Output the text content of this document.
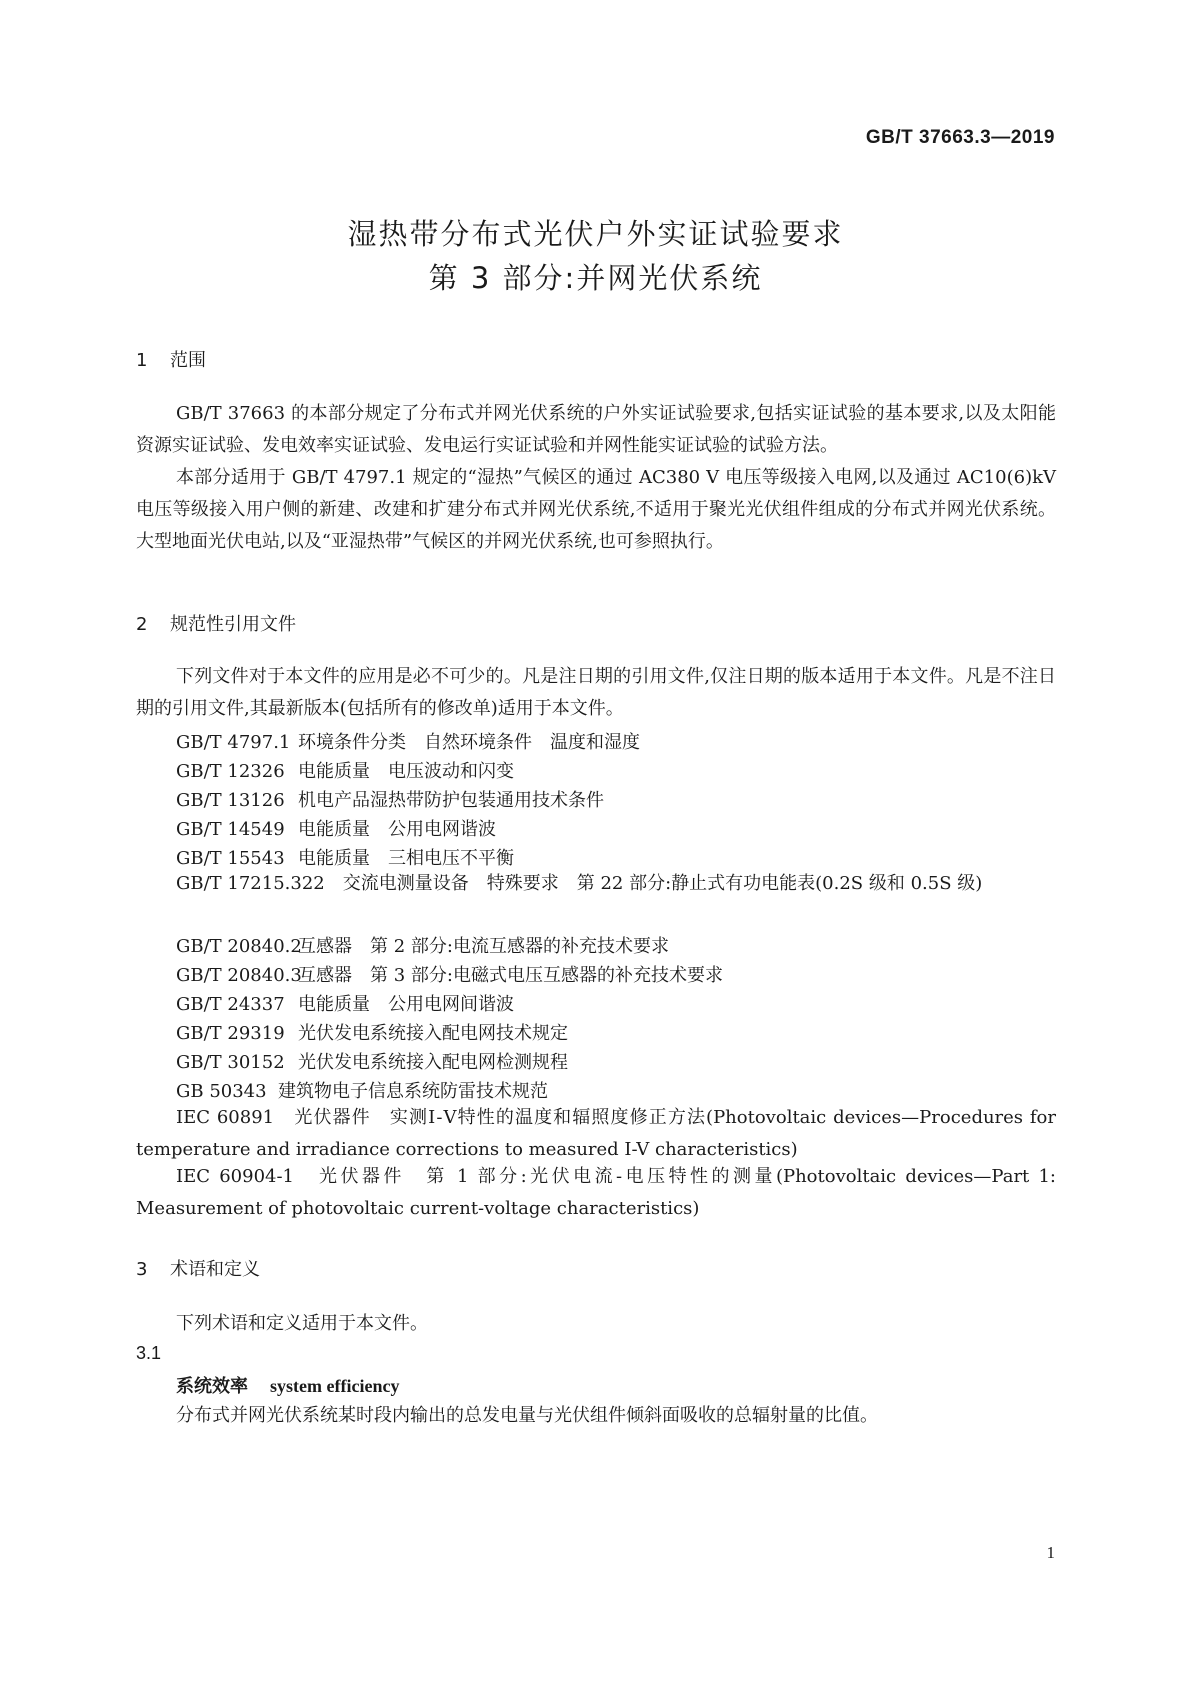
GB/T 37663.3—2019
湿热带分布式光伏户外实证试验要求
第 3 部分:并网光伏系统
1 范围

GB/T 37663 的本部分规定了分布式并网光伏系统的户外实证试验要求,包括实证试验的基本要求,以及太阳能资源实证试验、发电效率实证试验、发电运行实证试验和并网性能实证试验的试验方法。

本部分适用于 GB/T 4797.1 规定的“湿热”气候区的通过 AC380 V 电压等级接入电网,以及通过 AC10(6)kV 电压等级接入用户侧的新建、改建和扩建分布式并网光伏系统,不适用于聚光光伏组件组成的分布式并网光伏系统。大型地面光伏电站,以及“亚湿热带”气候区的并网光伏系统,也可参照执行。

2 规范性引用文件

下列文件对于本文件的应用是必不可少的。凡是注日期的引用文件,仅注日期的版本适用于本文件。凡是不注日期的引用文件,其最新版本(包括所有的修改单)适用于本文件。

GB/T 4797.1 环境条件分类　自然环境条件　温度和湿度
GB/T 12326 电能质量　电压波动和闪变
GB/T 13126 机电产品湿热带防护包装通用技术条件
GB/T 14549 电能质量　公用电网谐波
GB/T 15543 电能质量　三相电压不平衡

GB/T 17215.322　交流电测量设备　特殊要求　第 22 部分:静止式有功电能表(0.2S 级和 0.5S 级)

GB/T 20840.2互感器　第 2 部分:电流互感器的补充技术要求
GB/T 20840.3互感器　第 3 部分:电磁式电压互感器的补充技术要求
GB/T 24337 电能质量　公用电网间谐波
GB/T 29319 光伏发电系统接入配电网技术规定
GB/T 30152 光伏发电系统接入配电网检测规程
GB 50343 建筑物电子信息系统防雷技术规范

IEC 60891　光伏器件　实测Ⅰ-Ⅴ特性的温度和辐照度修正方法(Photovoltaic devices—Procedures for temperature and irradiance corrections to measured I-V characteristics)

IEC 60904-1　光伏器件　第 1 部分:光伏电流-电压特性的测量(Photovoltaic devices—Part 1: Measurement of photovoltaic current-voltage characteristics)

3 术语和定义

下列术语和定义适用于本文件。

3.1
系统效率 system efficiency
分布式并网光伏系统某时段内输出的总发电量与光伏组件倾斜面吸收的总辐射量的比值。
1
